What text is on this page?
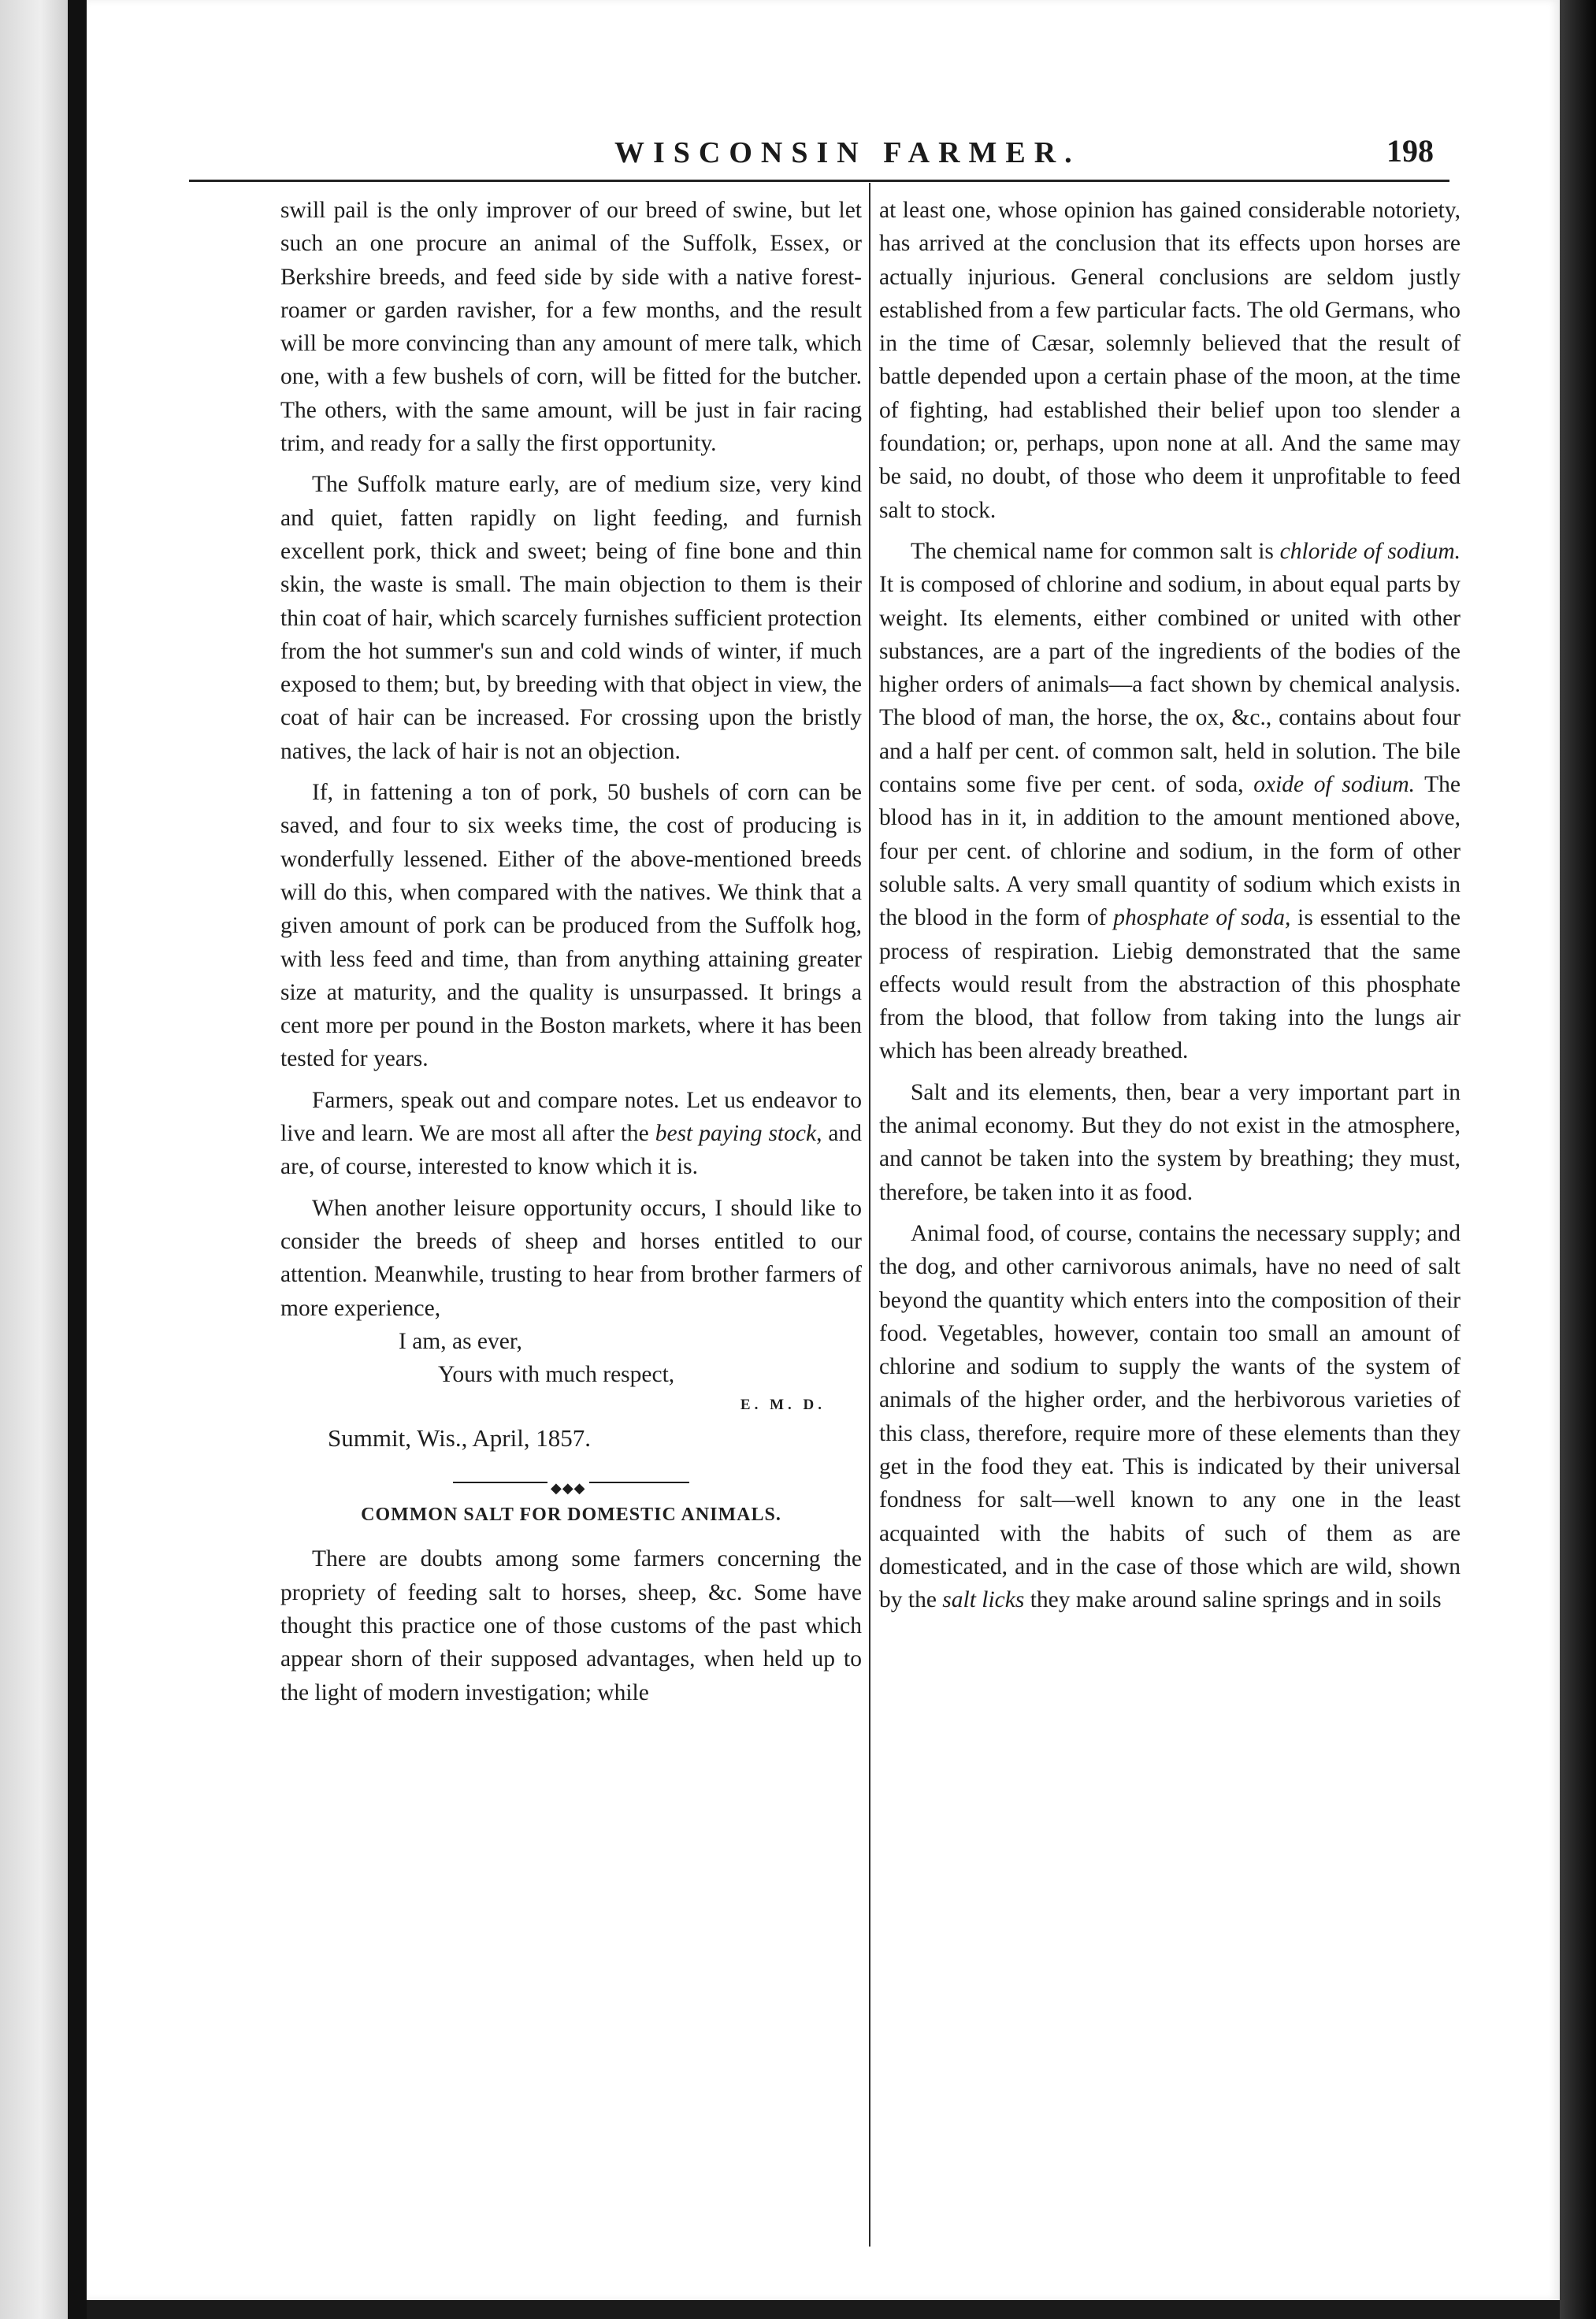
WISCONSIN FARMER.	198

swill pail is the only improver of our breed of swine, but let such an one procure an animal of the Suffolk, Essex, or Berkshire breeds, and feed side by side with a native forest-roamer or garden ravisher, for a few months, and the result will be more convincing than any amount of mere talk, which one, with a few bushels of corn, will be fitted for the butcher. The others, with the same amount, will be just in fair racing trim, and ready for a sally the first opportunity.

The Suffolk mature early, are of medium size, very kind and quiet, fatten rapidly on light feeding, and furnish excellent pork, thick and sweet; being of fine bone and thin skin, the waste is small. The main objection to them is their thin coat of hair, which scarcely furnishes sufficient protection from the hot summer's sun and cold winds of winter, if much exposed to them; but, by breeding with that object in view, the coat of hair can be increased. For crossing upon the bristly natives, the lack of hair is not an objection.

If, in fattening a ton of pork, 50 bushels of corn can be saved, and four to six weeks time, the cost of producing is wonderfully lessened. Either of the above-mentioned breeds will do this, when compared with the natives. We think that a given amount of pork can be produced from the Suffolk hog, with less feed and time, than from anything attaining greater size at maturity, and the quality is unsurpassed. It brings a cent more per pound in the Boston markets, where it has been tested for years.

Farmers, speak out and compare notes. Let us endeavor to live and learn. We are most all after the best paying stock, and are, of course, interested to know which it is.

When another leisure opportunity occurs, I should like to consider the breeds of sheep and horses entitled to our attention. Meanwhile, trusting to hear from brother farmers of more experience,

I am, as ever,
Yours with much respect,
E. M. D.
Summit, Wis., April, 1857.
◆◆◆
COMMON SALT FOR DOMESTIC ANIMALS.

There are doubts among some farmers concerning the propriety of feeding salt to horses, sheep, &c. Some have thought this practice one of those customs of the past which appear shorn of their supposed advantages, when held up to the light of modern investigation; while

at least one, whose opinion has gained considerable notoriety, has arrived at the conclusion that its effects upon horses are actually injurious. General conclusions are seldom justly established from a few particular facts. The old Germans, who in the time of Cæsar, solemnly believed that the result of battle depended upon a certain phase of the moon, at the time of fighting, had established their belief upon too slender a foundation; or, perhaps, upon none at all. And the same may be said, no doubt, of those who deem it unprofitable to feed salt to stock.

The chemical name for common salt is chloride of sodium. It is composed of chlorine and sodium, in about equal parts by weight. Its elements, either combined or united with other substances, are a part of the ingredients of the bodies of the higher orders of animals—a fact shown by chemical analysis. The blood of man, the horse, the ox, &c., contains about four and a half per cent. of common salt, held in solution. The bile contains some five per cent. of soda, oxide of sodium. The blood has in it, in addition to the amount mentioned above, four per cent. of chlorine and sodium, in the form of other soluble salts. A very small quantity of sodium which exists in the blood in the form of phosphate of soda, is essential to the process of respiration. Liebig demonstrated that the same effects would result from the abstraction of this phosphate from the blood, that follow from taking into the lungs air which has been already breathed.

Salt and its elements, then, bear a very important part in the animal economy. But they do not exist in the atmosphere, and cannot be taken into the system by breathing; they must, therefore, be taken into it as food.

Animal food, of course, contains the necessary supply; and the dog, and other carnivorous animals, have no need of salt beyond the quantity which enters into the composition of their food. Vegetables, however, contain too small an amount of chlorine and sodium to supply the wants of the system of animals of the higher order, and the herbivorous varieties of this class, therefore, require more of these elements than they get in the food they eat. This is indicated by their universal fondness for salt—well known to any one in the least acquainted with the habits of such of them as are domesticated, and in the case of those which are wild, shown by the salt licks they make around saline springs and in soils
